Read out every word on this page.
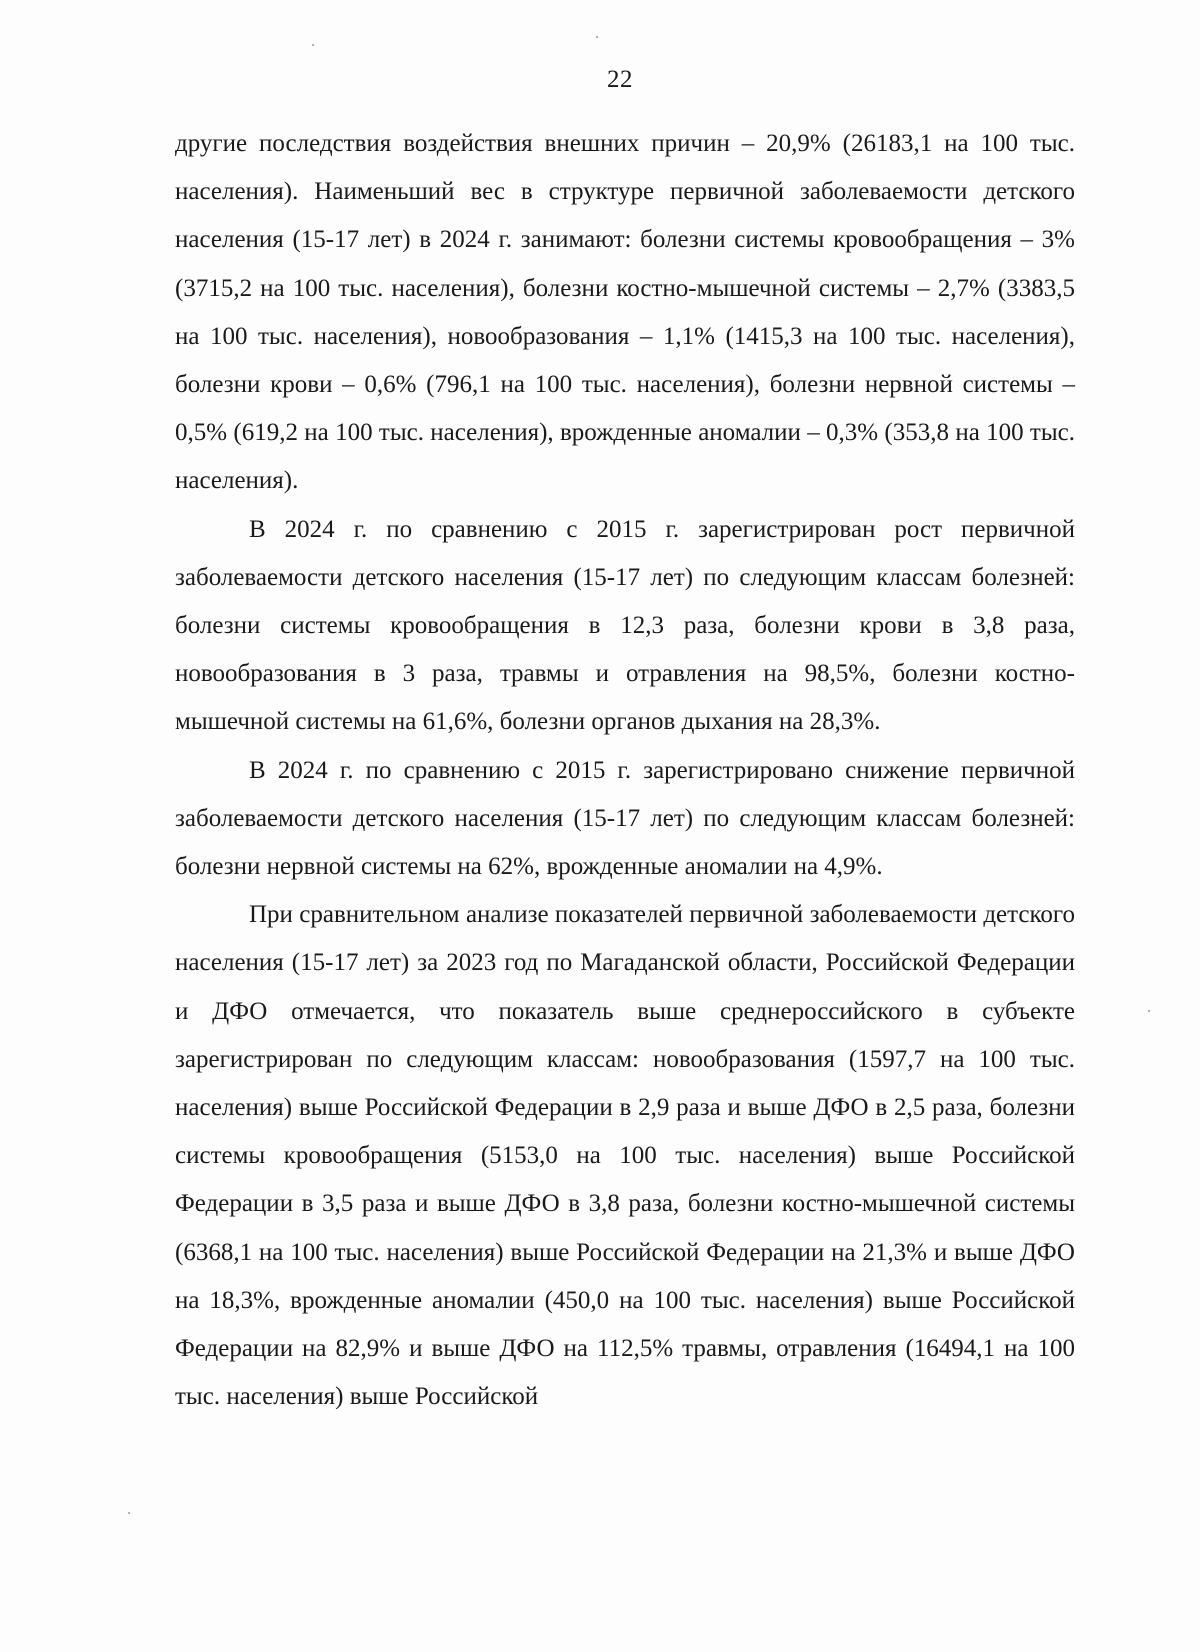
22

другие последствия воздействия внешних причин – 20,9% (26183,1 на 100 тыс. населения). Наименьший вес в структуре первичной заболеваемости детского населения (15-17 лет) в 2024 г. занимают: болезни системы кровообращения – 3% (3715,2 на 100 тыс. населения), болезни костно-мышечной системы – 2,7% (3383,5 на 100 тыс. населения), новообразования – 1,1% (1415,3 на 100 тыс. населения), болезни крови – 0,6% (796,1 на 100 тыс. населения), болезни нервной системы – 0,5% (619,2 на 100 тыс. населения), врожденные аномалии – 0,3% (353,8 на 100 тыс. населения).

В 2024 г. по сравнению с 2015 г. зарегистрирован рост первичной заболеваемости детского населения (15-17 лет) по следующим классам болезней: болезни системы кровообращения в 12,3 раза, болезни крови в 3,8 раза, новообразования в 3 раза, травмы и отравления на 98,5%, болезни костно-мышечной системы на 61,6%, болезни органов дыхания на 28,3%.

В 2024 г. по сравнению с 2015 г. зарегистрировано снижение первичной заболеваемости детского населения (15-17 лет) по следующим классам болезней: болезни нервной системы на 62%, врожденные аномалии на 4,9%.

При сравнительном анализе показателей первичной заболеваемости детского населения (15-17 лет) за 2023 год по Магаданской области, Российской Федерации и ДФО отмечается, что показатель выше среднероссийского в субъекте зарегистрирован по следующим классам: новообразования (1597,7 на 100 тыс. населения) выше Российской Федерации в 2,9 раза и выше ДФО в 2,5 раза, болезни системы кровообращения (5153,0 на 100 тыс. населения) выше Российской Федерации в 3,5 раза и выше ДФО в 3,8 раза, болезни костно-мышечной системы (6368,1 на 100 тыс. населения) выше Российской Федерации на 21,3% и выше ДФО на 18,3%, врожденные аномалии (450,0 на 100 тыс. населения) выше Российской Федерации на 82,9% и выше ДФО на 112,5% травмы, отравления (16494,1 на 100 тыс. населения) выше Российской
